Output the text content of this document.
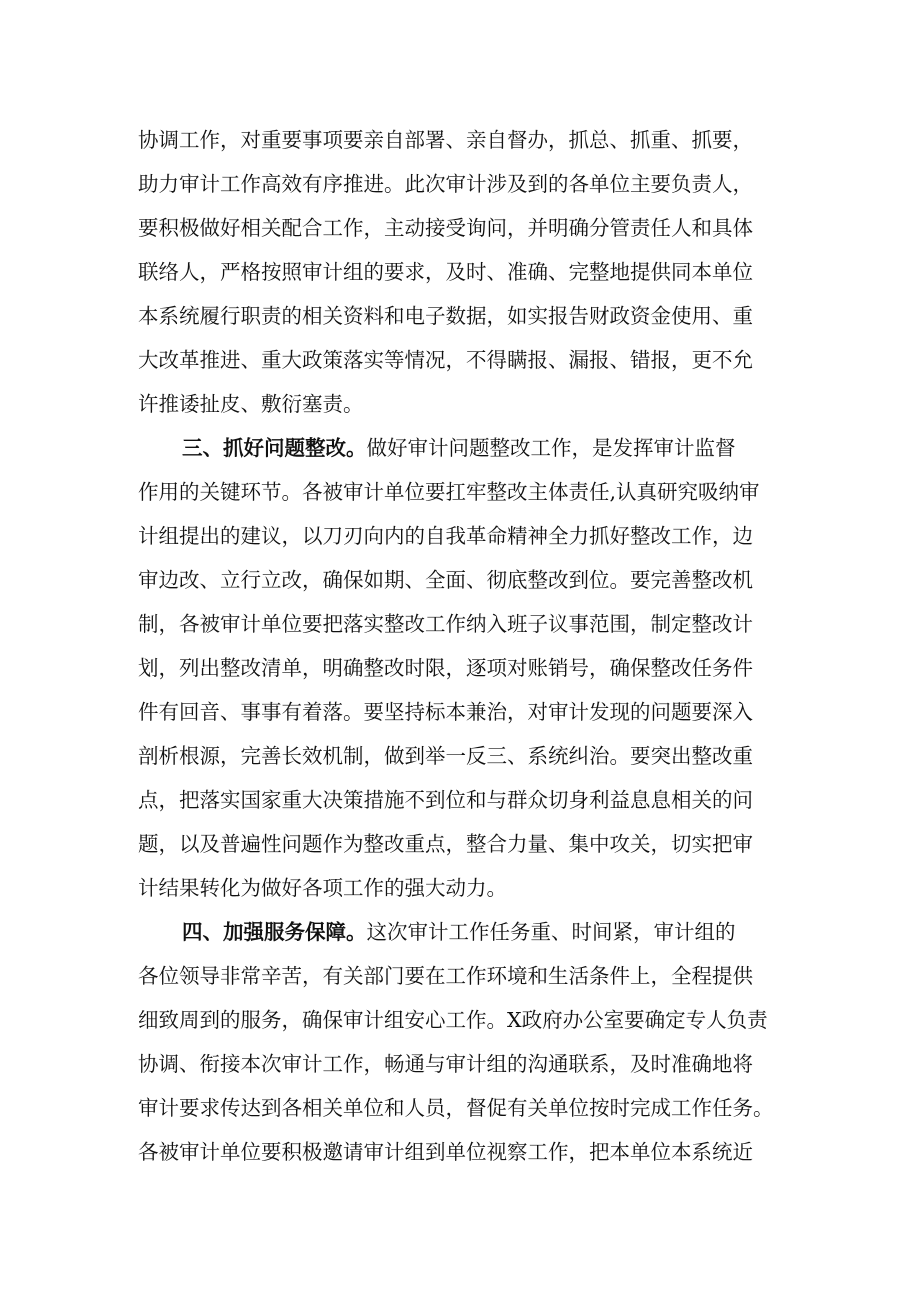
协调工作，对重要事项要亲自部署、亲自督办，抓总、抓重、抓要，
助力审计工作高效有序推进。此次审计涉及到的各单位主要负责人，
要积极做好相关配合工作，主动接受询问，并明确分管责任人和具体
联络人，严格按照审计组的要求，及时、准确、完整地提供同本单位
本系统履行职责的相关资料和电子数据，如实报告财政资金使用、重
大改革推进、重大政策落实等情况，不得瞒报、漏报、错报，更不允
许推诿扯皮、敷衍塞责。
三、抓好问题整改。做好审计问题整改工作，是发挥审计监督
作用的关键环节。各被审计单位要扛牢整改主体责任,认真研究吸纳审
计组提出的建议，以刀刃向内的自我革命精神全力抓好整改工作，边
审边改、立行立改，确保如期、全面、彻底整改到位。要完善整改机
制，各被审计单位要把落实整改工作纳入班子议事范围，制定整改计
划，列出整改清单，明确整改时限，逐项对账销号，确保整改任务件
件有回音、事事有着落。要坚持标本兼治，对审计发现的问题要深入
剖析根源，完善长效机制，做到举一反三、系统纠治。要突出整改重
点，把落实国家重大决策措施不到位和与群众切身利益息息相关的问
题，以及普遍性问题作为整改重点，整合力量、集中攻关，切实把审
计结果转化为做好各项工作的强大动力。
四、加强服务保障。这次审计工作任务重、时间紧，审计组的
各位领导非常辛苦，有关部门要在工作环境和生活条件上，全程提供
细致周到的服务，确保审计组安心工作。X政府办公室要确定专人负责
协调、衔接本次审计工作，畅通与审计组的沟通联系，及时准确地将
审计要求传达到各相关单位和人员，督促有关单位按时完成工作任务。
各被审计单位要积极邀请审计组到单位视察工作，把本单位本系统近
